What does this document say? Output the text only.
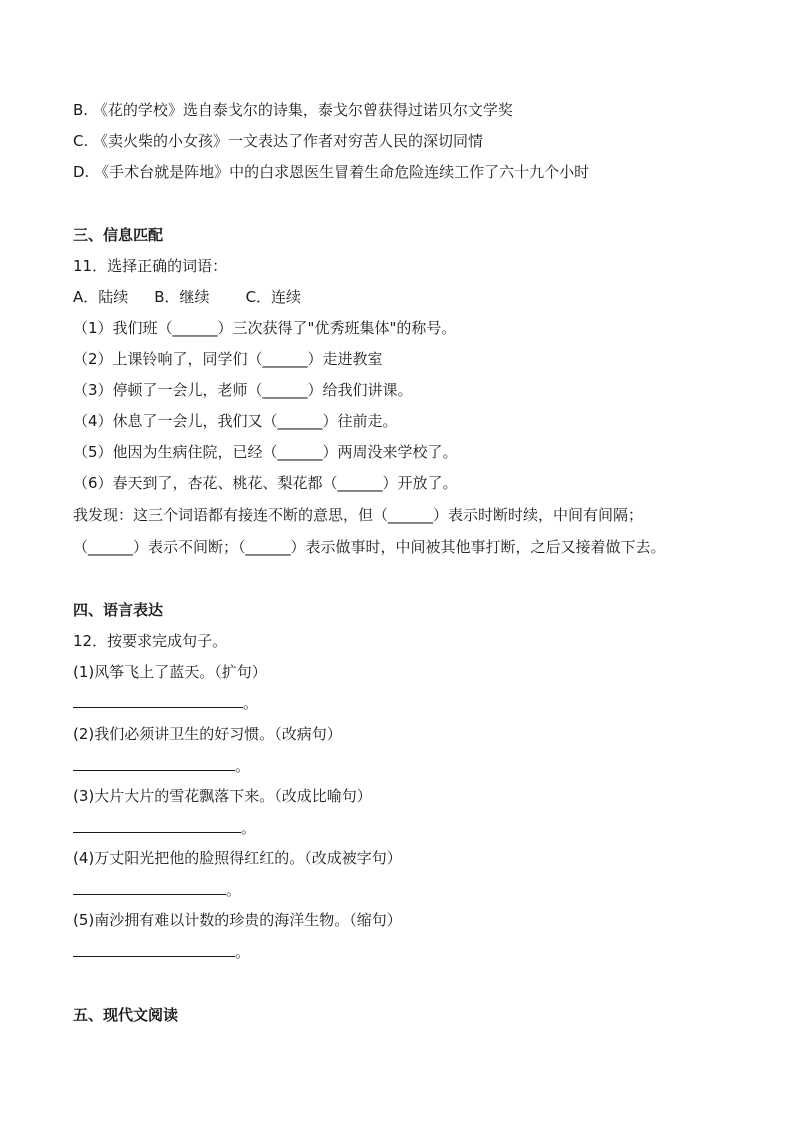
B. 《花的学校》选自泰戈尔的诗集，泰戈尔曾获得过诺贝尔文学奖
C. 《卖火柴的小女孩》一文表达了作者对穷苦人民的深切同情
D. 《手术台就是阵地》中的白求恩医生冒着生命危险连续工作了六十九个小时
三、信息匹配
11．选择正确的词语：
A．陆续 B．继续 C．连续
（1）我们班（______）三次获得了"优秀班集体"的称号。
（2）上课铃响了，同学们（______）走进教室
（3）停顿了一会儿，老师（______）给我们讲课。
（4）休息了一会儿，我们又（______）往前走。
（5）他因为生病住院，已经（______）两周没来学校了。
（6）春天到了，杏花、桃花、梨花都（______）开放了。
我发现：这三个词语都有接连不断的意思，但（______）表示时断时续，中间有间隔；
（______）表示不间断；（______）表示做事时，中间被其他事打断，之后又接着做下去。
四、语言表达
12．按要求完成句子。
(1)风筝飞上了蓝天。（扩句）
。
(2)我们必须讲卫生的好习惯。（改病句）
。
(3)大片大片的雪花飘落下来。（改成比喻句）
。
(4)万丈阳光把他的脸照得红红的。（改成被字句）
。
(5)南沙拥有难以计数的珍贵的海洋生物。（缩句）
。
五、现代文阅读
